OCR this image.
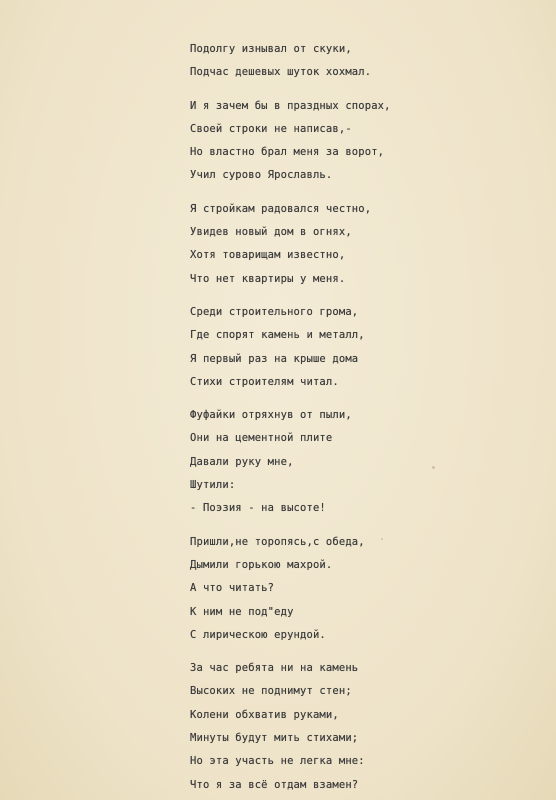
Подолгу изнывал от скуки,
Подчас дешевых шуток хохмал.
И я зачем бы в праздных спорах,
Своей строки не написав,-
Но властно брал меня за ворот,
Учил сурово Ярославль.
Я стройкам радовался честно,
Увидев новый дом в огнях,
Хотя товарищам известно,
Что нет квартиры у меня.
Среди строительного грома,
Где спорят камень и металл,
Я первый раз на крыше дома
Стихи строителям читал.
Фуфайки отряхнув от пыли,
Они на цементной плите
Давали руку мне,
Шутили:
- Поэзия - на высоте!
Пришли,не торопясь,с обеда,
Дымили горькою махрой.
А что читать?
К ним не под"еду
С лирическою ерундой.
За час ребята ни на камень
Высоких не поднимут стен;
Колени обхватив руками,
Минуты будут мить стихами;
Но эта участь не легка мне:
Что я за всё отдам взамен?
